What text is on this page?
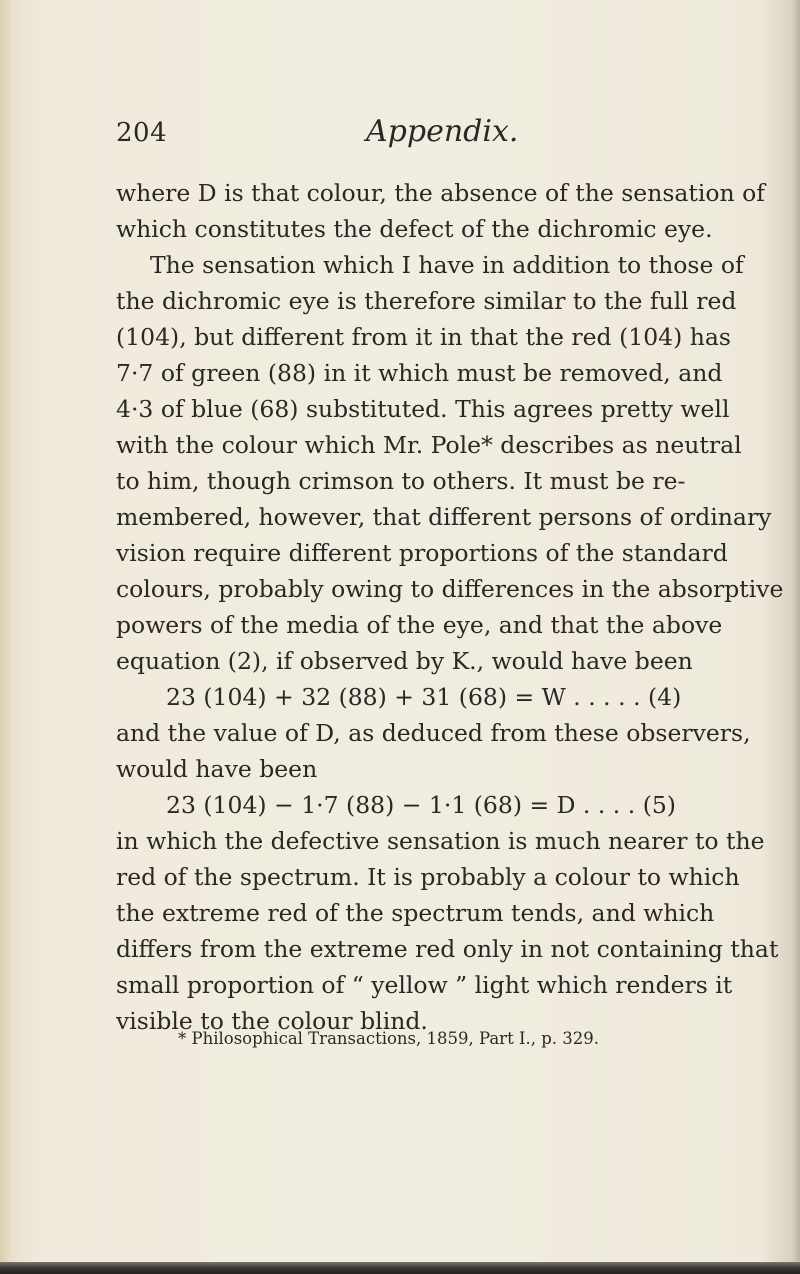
204	Appendix.
where D is that colour, the absence of the sensation of
which constitutes the defect of the dichromic eye.
The sensation which I have in addition to those of
the dichromic eye is therefore similar to the full red
(104), but different from it in that the red (104) has
7·7 of green (88) in it which must be removed, and
4·3 of blue (68) substituted. This agrees pretty well
with the colour which Mr. Pole* describes as neutral
to him, though crimson to others. It must be re-
membered, however, that different persons of ordinary
vision require different proportions of the standard
colours, probably owing to differences in the absorptive
powers of the media of the eye, and that the above
equation (2), if observed by K., would have been
23 (104) + 32 (88) + 31 (68) = W . . . . . (4)
and the value of D, as deduced from these observers,
would have been
23 (104) − 1·7 (88) − 1·1 (68) = D . . . . (5)
in which the defective sensation is much nearer to the
red of the spectrum. It is probably a colour to which
the extreme red of the spectrum tends, and which
differs from the extreme red only in not containing that
small proportion of “ yellow ” light which renders it
visible to the colour blind.
* Philosophical Transactions, 1859, Part I., p. 329.
